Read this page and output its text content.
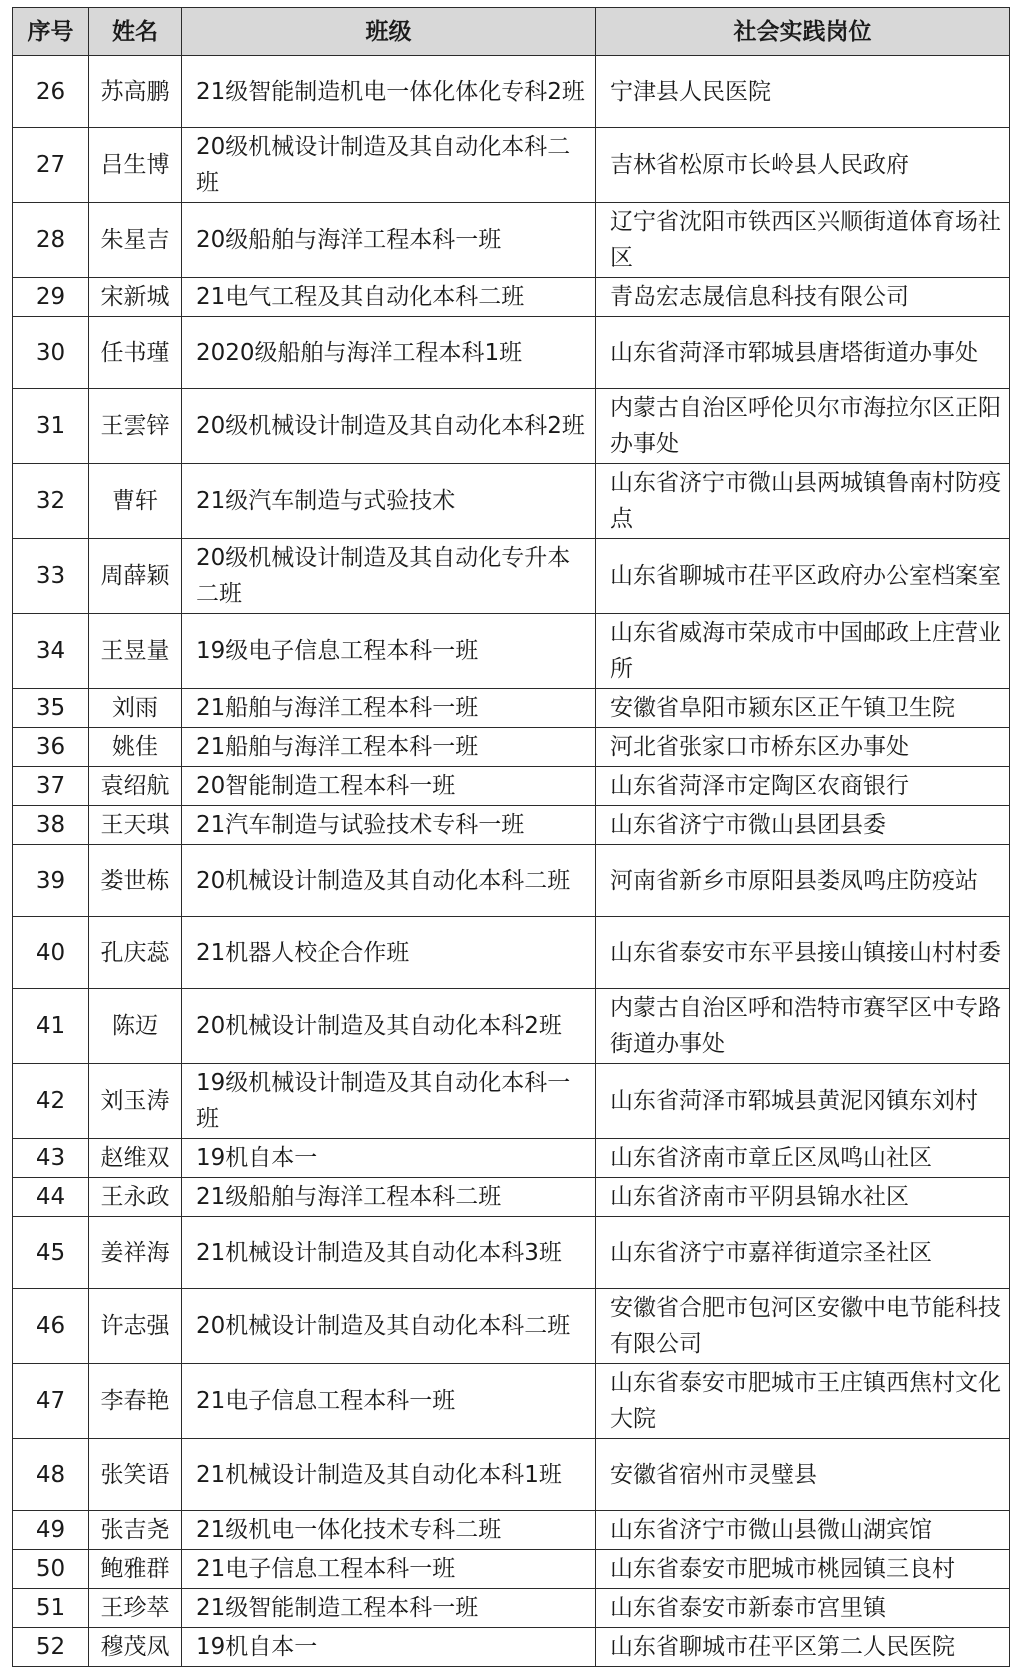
序号	姓名	班级	社会实践岗位
26	苏高鹏	21级智能制造机电一体化体化专科2班	宁津县人民医院
27	吕生博	20级机械设计制造及其自动化本科二班	吉林省松原市长岭县人民政府
28	朱星吉	20级船舶与海洋工程本科一班	辽宁省沈阳市铁西区兴顺街道体育场社区
29	宋新城	21电气工程及其自动化本科二班	青岛宏志晟信息科技有限公司
30	任书瑾	2020级船舶与海洋工程本科1班	山东省菏泽市郓城县唐塔街道办事处
31	王雲锌	20级机械设计制造及其自动化本科2班	内蒙古自治区呼伦贝尔市海拉尔区正阳办事处
32	曹轩	21级汽车制造与式验技术	山东省济宁市微山县两城镇鲁南村防疫点
33	周薛颖	20级机械设计制造及其自动化专升本二班	山东省聊城市茌平区政府办公室档案室
34	王昱量	19级电子信息工程本科一班	山东省威海市荣成市中国邮政上庄营业所
35	刘雨	21船舶与海洋工程本科一班	安徽省阜阳市颍东区正午镇卫生院
36	姚佳	21船舶与海洋工程本科一班	河北省张家口市桥东区办事处
37	袁绍航	20智能制造工程本科一班	山东省菏泽市定陶区农商银行
38	王天琪	21汽车制造与试验技术专科一班	山东省济宁市微山县团县委
39	娄世栋	20机械设计制造及其自动化本科二班	河南省新乡市原阳县娄凤鸣庄防疫站
40	孔庆蕊	21机器人校企合作班	山东省泰安市东平县接山镇接山村村委
41	陈迈	20机械设计制造及其自动化本科2班	内蒙古自治区呼和浩特市赛罕区中专路街道办事处
42	刘玉涛	19级机械设计制造及其自动化本科一班	山东省菏泽市郓城县黄泥冈镇东刘村
43	赵维双	19机自本一	山东省济南市章丘区凤鸣山社区
44	王永政	21级船舶与海洋工程本科二班	山东省济南市平阴县锦水社区
45	姜祥海	21机械设计制造及其自动化本科3班	山东省济宁市嘉祥街道宗圣社区
46	许志强	20机械设计制造及其自动化本科二班	安徽省合肥市包河区安徽中电节能科技有限公司
47	李春艳	21电子信息工程本科一班	山东省泰安市肥城市王庄镇西焦村文化大院
48	张笑语	21机械设计制造及其自动化本科1班	安徽省宿州市灵璧县
49	张吉尧	21级机电一体化技术专科二班	山东省济宁市微山县微山湖宾馆
50	鲍雅群	21电子信息工程本科一班	山东省泰安市肥城市桃园镇三良村
51	王珍萃	21级智能制造工程本科一班	山东省泰安市新泰市宫里镇
52	穆茂凤	19机自本一	山东省聊城市茌平区第二人民医院
